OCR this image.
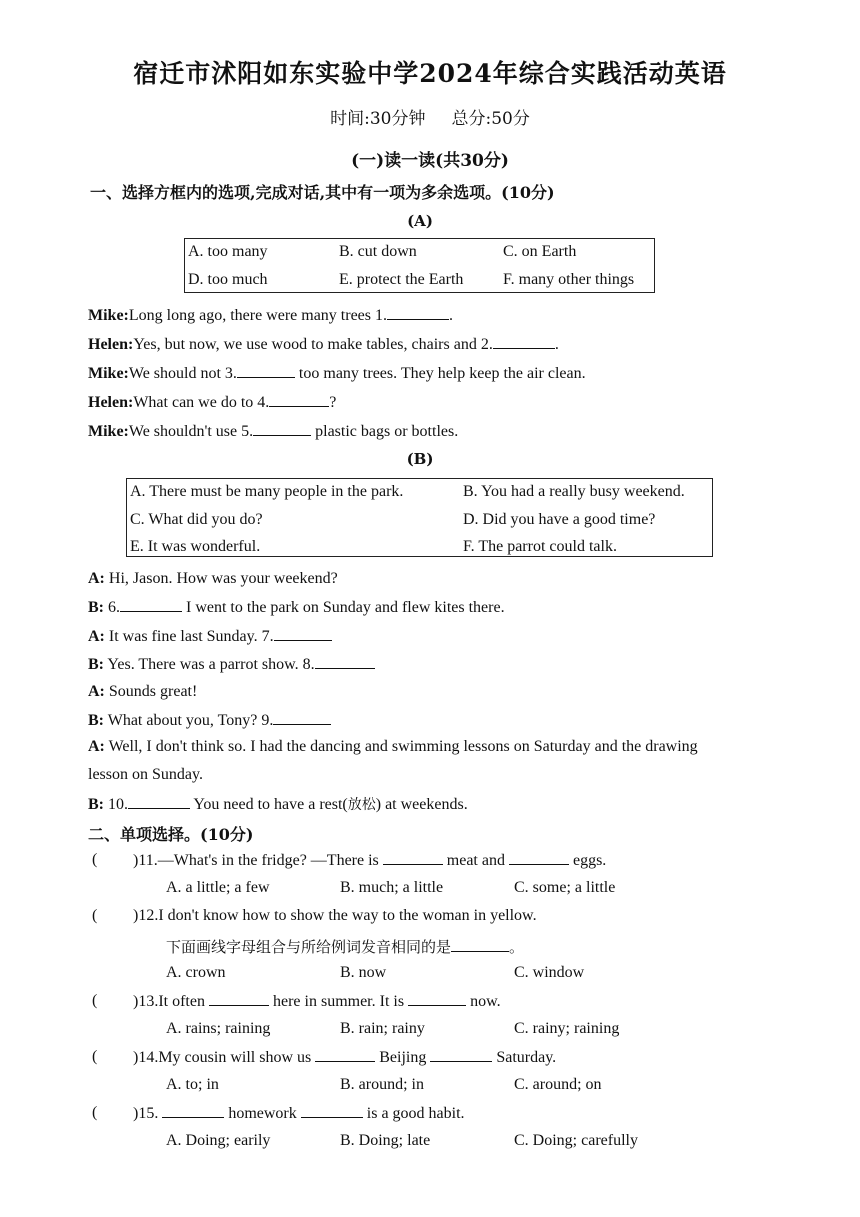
宿迁市沭阳如东实验中学2024年综合实践活动英语
时间:30分钟 总分:50分
(一)读一读(共30分)
一、选择方框内的选项,完成对话,其中有一项为多余选项。(10分)
(A)
A. too many	B. cut down	C. on Earth
D. too much	E. protect the Earth F. many other things
Mike:Long long ago, there were many trees 1.	.
Helen:Yes, but now, we use wood to make tables, chairs and 2.	.
Mike:We should not 3.	too many trees. They help keep the air clean.
Helen:What can we do to 4.	?
Mike:We shouldn't use 5.	plastic bags or bottles.
(B)
A. There must be many people in the park.	B. You had a really busy weekend.
C. What did you do?	D. Did you have a good time?
E. It was wonderful.	F. The parrot could talk.
A: Hi, Jason. How was your weekend?
B: 6.	I went to the park on Sunday and flew kites there.
A: It was fine last Sunday. 7.
B: Yes. There was a parrot show. 8.
A: Sounds great!
B: What about you, Tony? 9.
A: Well, I don't think so. I had the dancing and swimming lessons on Saturday and the drawing
lesson on Sunday.
B: 10.	You need to have a rest(放松) at weekends.
二、单项选择。(10分)
( )11.—What's in the fridge? —There is	meat and	eggs.
A. a little; a few	B. much; a little	C. some; a little
( )12.I don't know how to show the way to the woman in yellow.
下面画线字母组合与所给例词发音相同的是	。
A. crown	B. now	C. window
( )13.It often	here in summer. It is	now.
A. rains; raining	B. rain; rainy	C. rainy; raining
( )14.My cousin will show us	Beijing	Saturday.
A. to; in	B. around; in	C. around; on
( )15.	homework	is a good habit.
A. Doing; earily	B. Doing; late	C. Doing; carefully
